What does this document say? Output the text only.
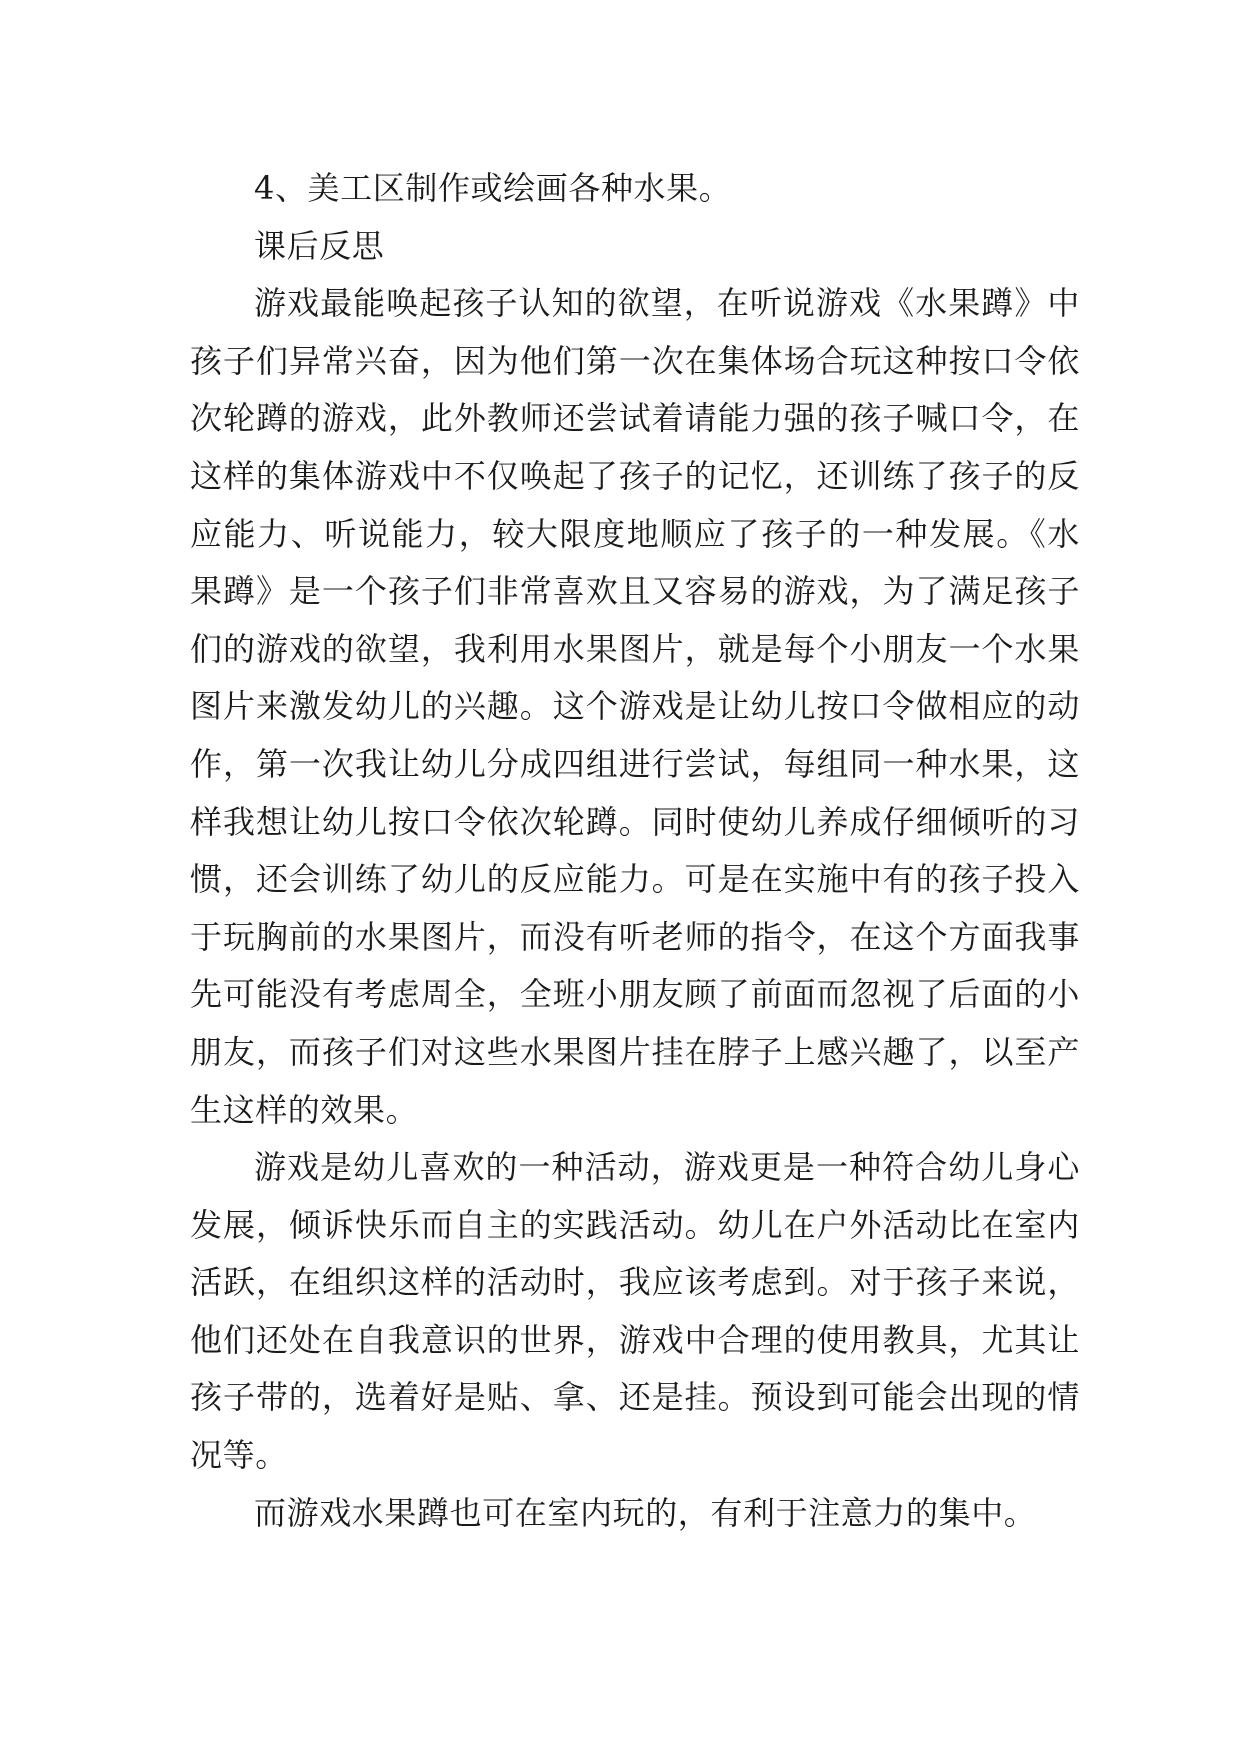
4、美工区制作或绘画各种水果。

课后反思

游戏最能唤起孩子认知的欲望，在听说游戏《水果蹲》中孩子们异常兴奋，因为他们第一次在集体场合玩这种按口令依次轮蹲的游戏，此外教师还尝试着请能力强的孩子喊口令，在这样的集体游戏中不仅唤起了孩子的记忆，还训练了孩子的反应能力、听说能力，较大限度地顺应了孩子的一种发展。《水果蹲》是一个孩子们非常喜欢且又容易的游戏，为了满足孩子们的游戏的欲望，我利用水果图片，就是每个小朋友一个水果图片来激发幼儿的兴趣。这个游戏是让幼儿按口令做相应的动作，第一次我让幼儿分成四组进行尝试，每组同一种水果，这样我想让幼儿按口令依次轮蹲。同时使幼儿养成仔细倾听的习惯，还会训练了幼儿的反应能力。可是在实施中有的孩子投入于玩胸前的水果图片，而没有听老师的指令，在这个方面我事先可能没有考虑周全，全班小朋友顾了前面而忽视了后面的小朋友，而孩子们对这些水果图片挂在脖子上感兴趣了，以至产生这样的效果。

游戏是幼儿喜欢的一种活动，游戏更是一种符合幼儿身心发展，倾诉快乐而自主的实践活动。幼儿在户外活动比在室内活跃，在组织这样的活动时，我应该考虑到。对于孩子来说，他们还处在自我意识的世界，游戏中合理的使用教具，尤其让孩子带的，选着好是贴、拿、还是挂。预设到可能会出现的情况等。

而游戏水果蹲也可在室内玩的，有利于注意力的集中。
